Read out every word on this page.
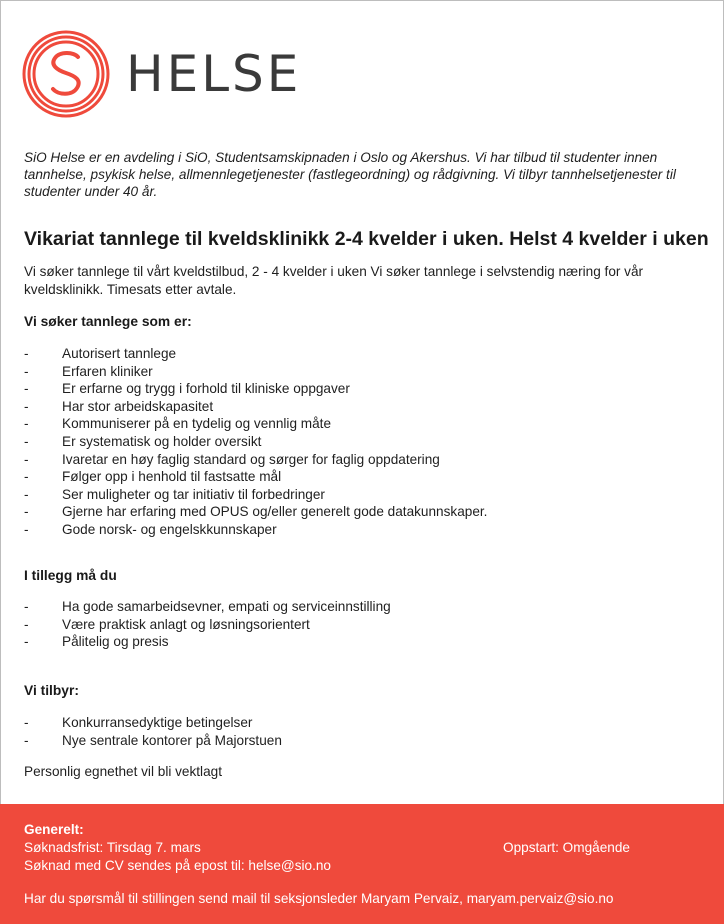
HELSE
SiO Helse er en avdeling i SiO, Studentsamskipnaden i Oslo og Akershus. Vi har tilbud til studenter innen tannhelse, psykisk helse, allmennlegetjenester (fastlegeordning) og rådgivning. Vi tilbyr tannhelsetjenester til studenter under 40 år.
Vikariat tannlege til kveldsklinikk 2-4 kvelder i uken. Helst 4 kvelder i uken
Vi søker tannlege til vårt kveldstilbud, 2 - 4 kvelder i uken Vi søker tannlege i selvstendig næring for vår kveldsklinikk. Timesats etter avtale.
Vi søker tannlege som er:
- Autorisert tannlege
- Erfaren kliniker
- Er erfarne og trygg i forhold til kliniske oppgaver
- Har stor arbeidskapasitet
- Kommuniserer på en tydelig og vennlig måte
- Er systematisk og holder oversikt
- Ivaretar en høy faglig standard og sørger for faglig oppdatering
- Følger opp i henhold til fastsatte mål
- Ser muligheter og tar initiativ til forbedringer
- Gjerne har erfaring med OPUS og/eller generelt gode datakunnskaper.
- Gode norsk- og engelskkunnskaper
I tillegg må du
- Ha gode samarbeidsevner, empati og serviceinnstilling
- Være praktisk anlagt og løsningsorientert
- Pålitelig og presis
Vi tilbyr:
- Konkurransedyktige betingelser
- Nye sentrale kontorer på Majorstuen
Personlig egnethet vil bli vektlagt
Generelt:
Søknadsfrist: Tirsdag 7. mars	Oppstart: Omgående
Søknad med CV sendes på epost til: helse@sio.no
Har du spørsmål til stillingen send mail til seksjonsleder Maryam Pervaiz, maryam.pervaiz@sio.no
